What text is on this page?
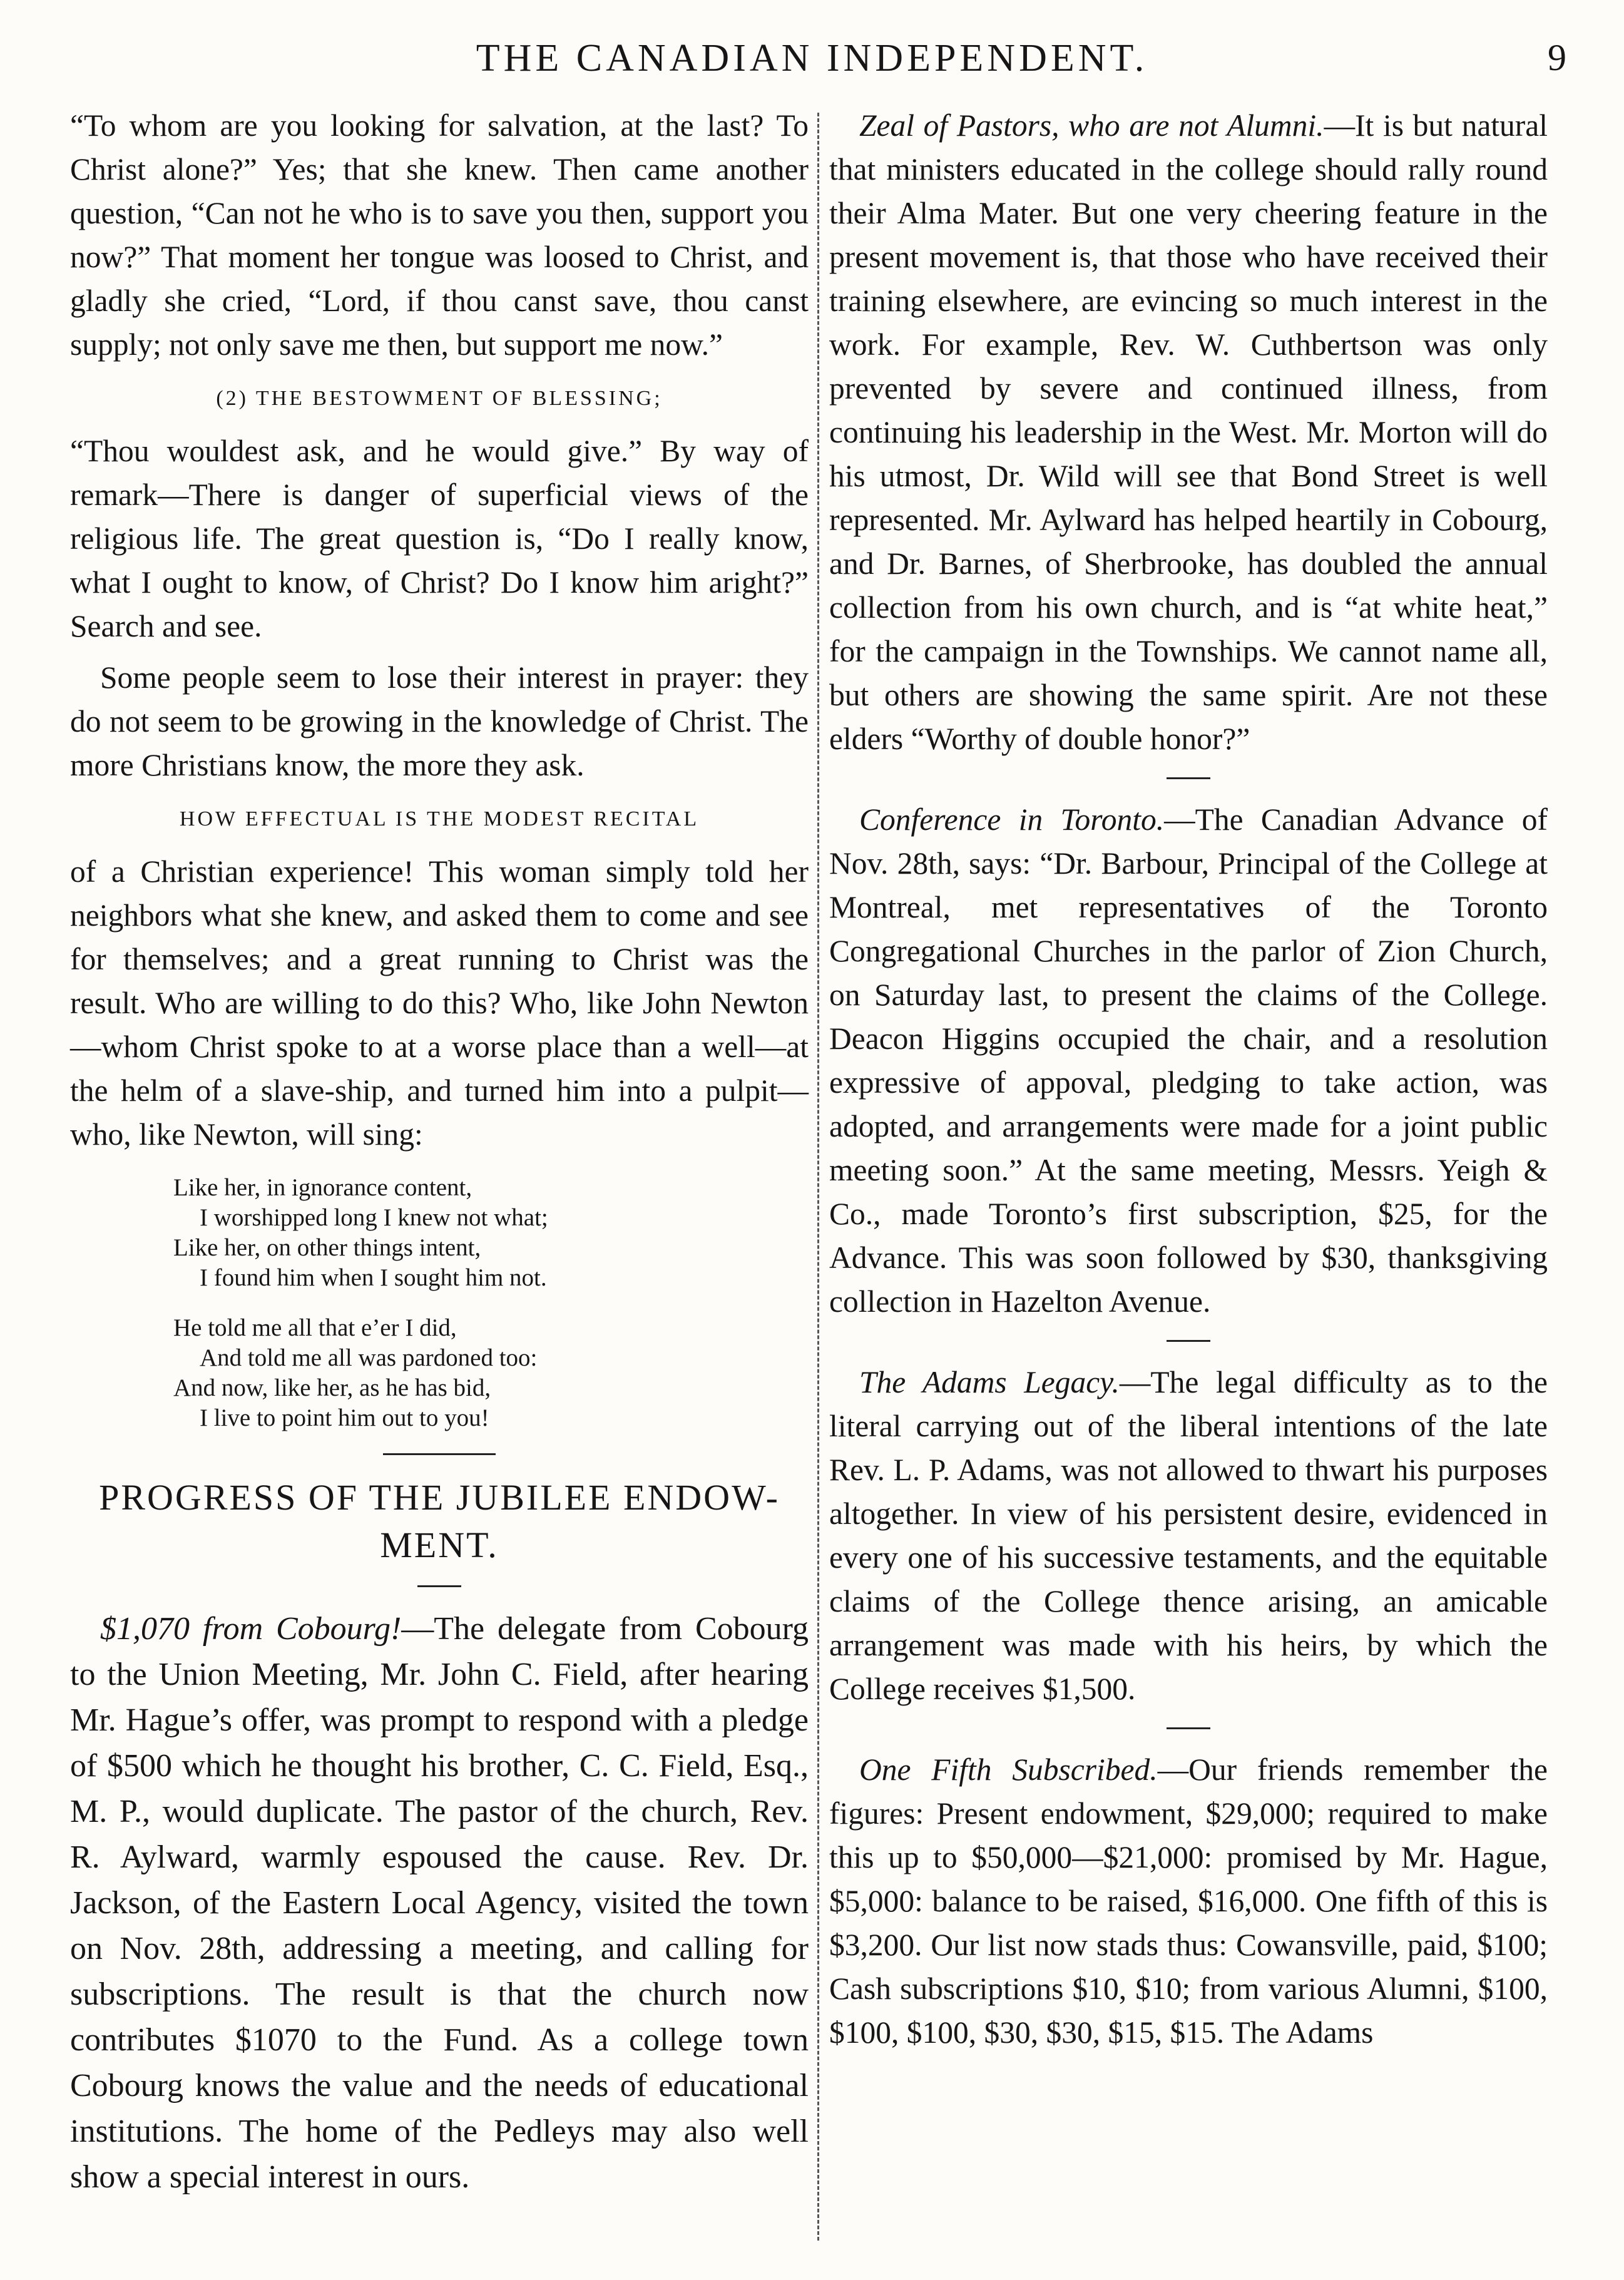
THE CANADIAN INDEPENDENT.	9

“To whom are you looking for salvation, at the last? To Christ alone?” Yes; that she knew. Then came another question, “Can not he who is to save you then, support you now?” That moment her tongue was loosed to Christ, and gladly she cried, “Lord, if thou canst save, thou canst supply; not only save me then, but support me now.”

(2) THE BESTOWMENT OF BLESSING;

“Thou wouldest ask, and he would give.” By way of remark—There is danger of superficial views of the religious life. The great question is, “Do I really know, what I ought to know, of Christ? Do I know him aright?” Search and see.

Some people seem to lose their interest in prayer: they do not seem to be growing in the knowledge of Christ. The more Christians know, the more they ask.

HOW EFFECTUAL IS THE MODEST RECITAL

of a Christian experience! This woman simply told her neighbors what she knew, and asked them to come and see for themselves; and a great running to Christ was the result. Who are willing to do this? Who, like John Newton—whom Christ spoke to at a worse place than a well—at the helm of a slave-ship, and turned him into a pulpit—who, like Newton, will sing:

Like her, in ignorance content,
I worshipped long I knew not what;
Like her, on other things intent,
I found him when I sought him not.
He told me all that e’er I did,
And told me all was pardoned too:
And now, like her, as he has bid,
I live to point him out to you!
PROGRESS OF THE JUBILEE ENDOW-
MENT.

$1,070 from Cobourg!—The delegate from Cobourg to the Union Meeting, Mr. John C. Field, after hearing Mr. Hague’s offer, was prompt to respond with a pledge of $500 which he thought his brother, C. C. Field, Esq., M. P., would duplicate. The pastor of the church, Rev. R. Aylward, warmly espoused the cause. Rev. Dr. Jackson, of the Eastern Local Agency, visited the town on Nov. 28th, addressing a meeting, and calling for subscriptions. The result is that the church now contributes $1070 to the Fund. As a college town Cobourg knows the value and the needs of educational institutions. The home of the Pedleys may also well show a special interest in ours.

Zeal of Pastors, who are not Alumni.—It is but natural that ministers educated in the college should rally round their Alma Mater. But one very cheering feature in the present movement is, that those who have received their training elsewhere, are evincing so much interest in the work. For example, Rev. W. Cuthbertson was only prevented by severe and continued illness, from continuing his leadership in the West. Mr. Morton will do his utmost, Dr. Wild will see that Bond Street is well represented. Mr. Aylward has helped heartily in Cobourg, and Dr. Barnes, of Sherbrooke, has doubled the annual collection from his own church, and is “at white heat,” for the campaign in the Townships. We cannot name all, but others are showing the same spirit. Are not these elders “Worthy of double honor?”

Conference in Toronto.—The Canadian Advance of Nov. 28th, says: “Dr. Barbour, Principal of the College at Montreal, met representatives of the Toronto Congregational Churches in the parlor of Zion Church, on Saturday last, to present the claims of the College. Deacon Higgins occupied the chair, and a resolution expressive of appoval, pledging to take action, was adopted, and arrangements were made for a joint public meeting soon.” At the same meeting, Messrs. Yeigh & Co., made Toronto’s first subscription, $25, for the Advance. This was soon followed by $30, thanksgiving collection in Hazelton Avenue.

The Adams Legacy.—The legal difficulty as to the literal carrying out of the liberal intentions of the late Rev. L. P. Adams, was not allowed to thwart his purposes altogether. In view of his persistent desire, evidenced in every one of his successive testaments, and the equitable claims of the College thence arising, an amicable arrangement was made with his heirs, by which the College receives $1,500.

One Fifth Subscribed.—Our friends remember the figures: Present endowment, $29,000; required to make this up to $50,000—$21,000: promised by Mr. Hague, $5,000: balance to be raised, $16,000. One fifth of this is $3,200. Our list now stads thus: Cowansville, paid, $100; Cash subscriptions $10, $10; from various Alumni, $100, $100, $100, $30, $30, $15, $15. The Adams
